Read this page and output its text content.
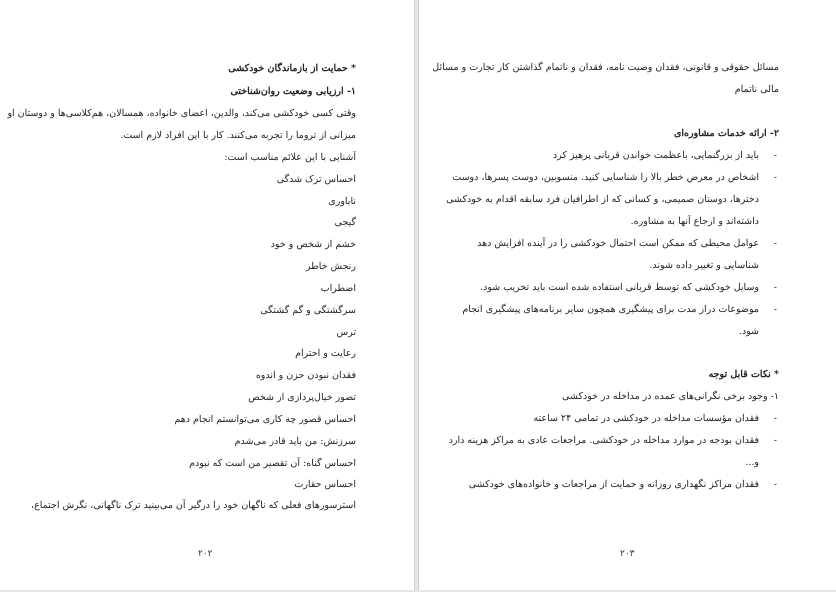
* حمایت از بازماندگان خودکشی
۱- ارزیابی وضعیت روان‌شناختی
وقتی کسی خودکشی می‌کند، والدین، اعضای خانواده، همسالان، هم‌کلاسی‌ها و دوستان او
میزانی از تروما را تجربه می‌کنند. کار با این افراد لازم است.
آشنایی با این علائم مناسب است:
احساس ترک شدگی
ناباوری
گیجی
خشم از شخص و خود
رنجش خاطر
اضطراب
سرگشتگی و گم گشتگی
ترس
رعایت و احترام
فقدان نبودن حزن و اندوه
تصور خیال‌پردازی از شخص
احساس قصور چه کاری می‌توانستم انجام دهم
سرزنش: من باید قادر می‌شدم
احساس گناه: آن تقصیر من است که نبودم
احساس حقارت
استرسورهای فعلی که ناگهان خود را درگیر آن می‌بینید ترک ناگهانی، نگرش اجتماع،
۲۰۲
مسائل حقوقی و قانونی، فقدان وصیت نامه، فقدان و ناتمام گذاشتن کار تجارت و مسائل
مالی ناتمام
۲- ارائه خدمات مشاوره‌ای
-
باید از بزرگنمایی، باعظمت خواندن قربانی پرهیز کرد
-
اشخاص در معرض خطر بالا را شناسایی کنید. منسوبین، دوست پسرها، دوست
دخترها، دوستان صمیمی، و کسانی که از اطرافیان فرد سابقه اقدام به خودکشی
داشته‌اند و ارجاع آنها به مشاوره.
-
عوامل محیطی که ممکن است احتمال خودکشی را در آینده افزایش دهد
شناسایی و تغییر داده شوند.
-
وسایل خودکشی که توسط قربانی استفاده شده است باید تخریب شود.
-
موضوعات دراز مدت برای پیشگیری همچون سایر برنامه‌های پیشگیری انجام
شود.
* نکات قابل توجه
۱- وجود برخی نگرانی‌های عمده در مداخله در خودکشی
-
فقدان مؤسسات مداخله در خودکشی در تمامی ۲۴ ساعته
-
فقدان بودجه در موارد مداخله در خودکشی. مراجعات عادی به مراکز هزینه دارد
و...
-
فقدان مراکز نگهداری روزانه و حمایت از مراجعات و خانواده‌های خودکشی
۲۰۳
